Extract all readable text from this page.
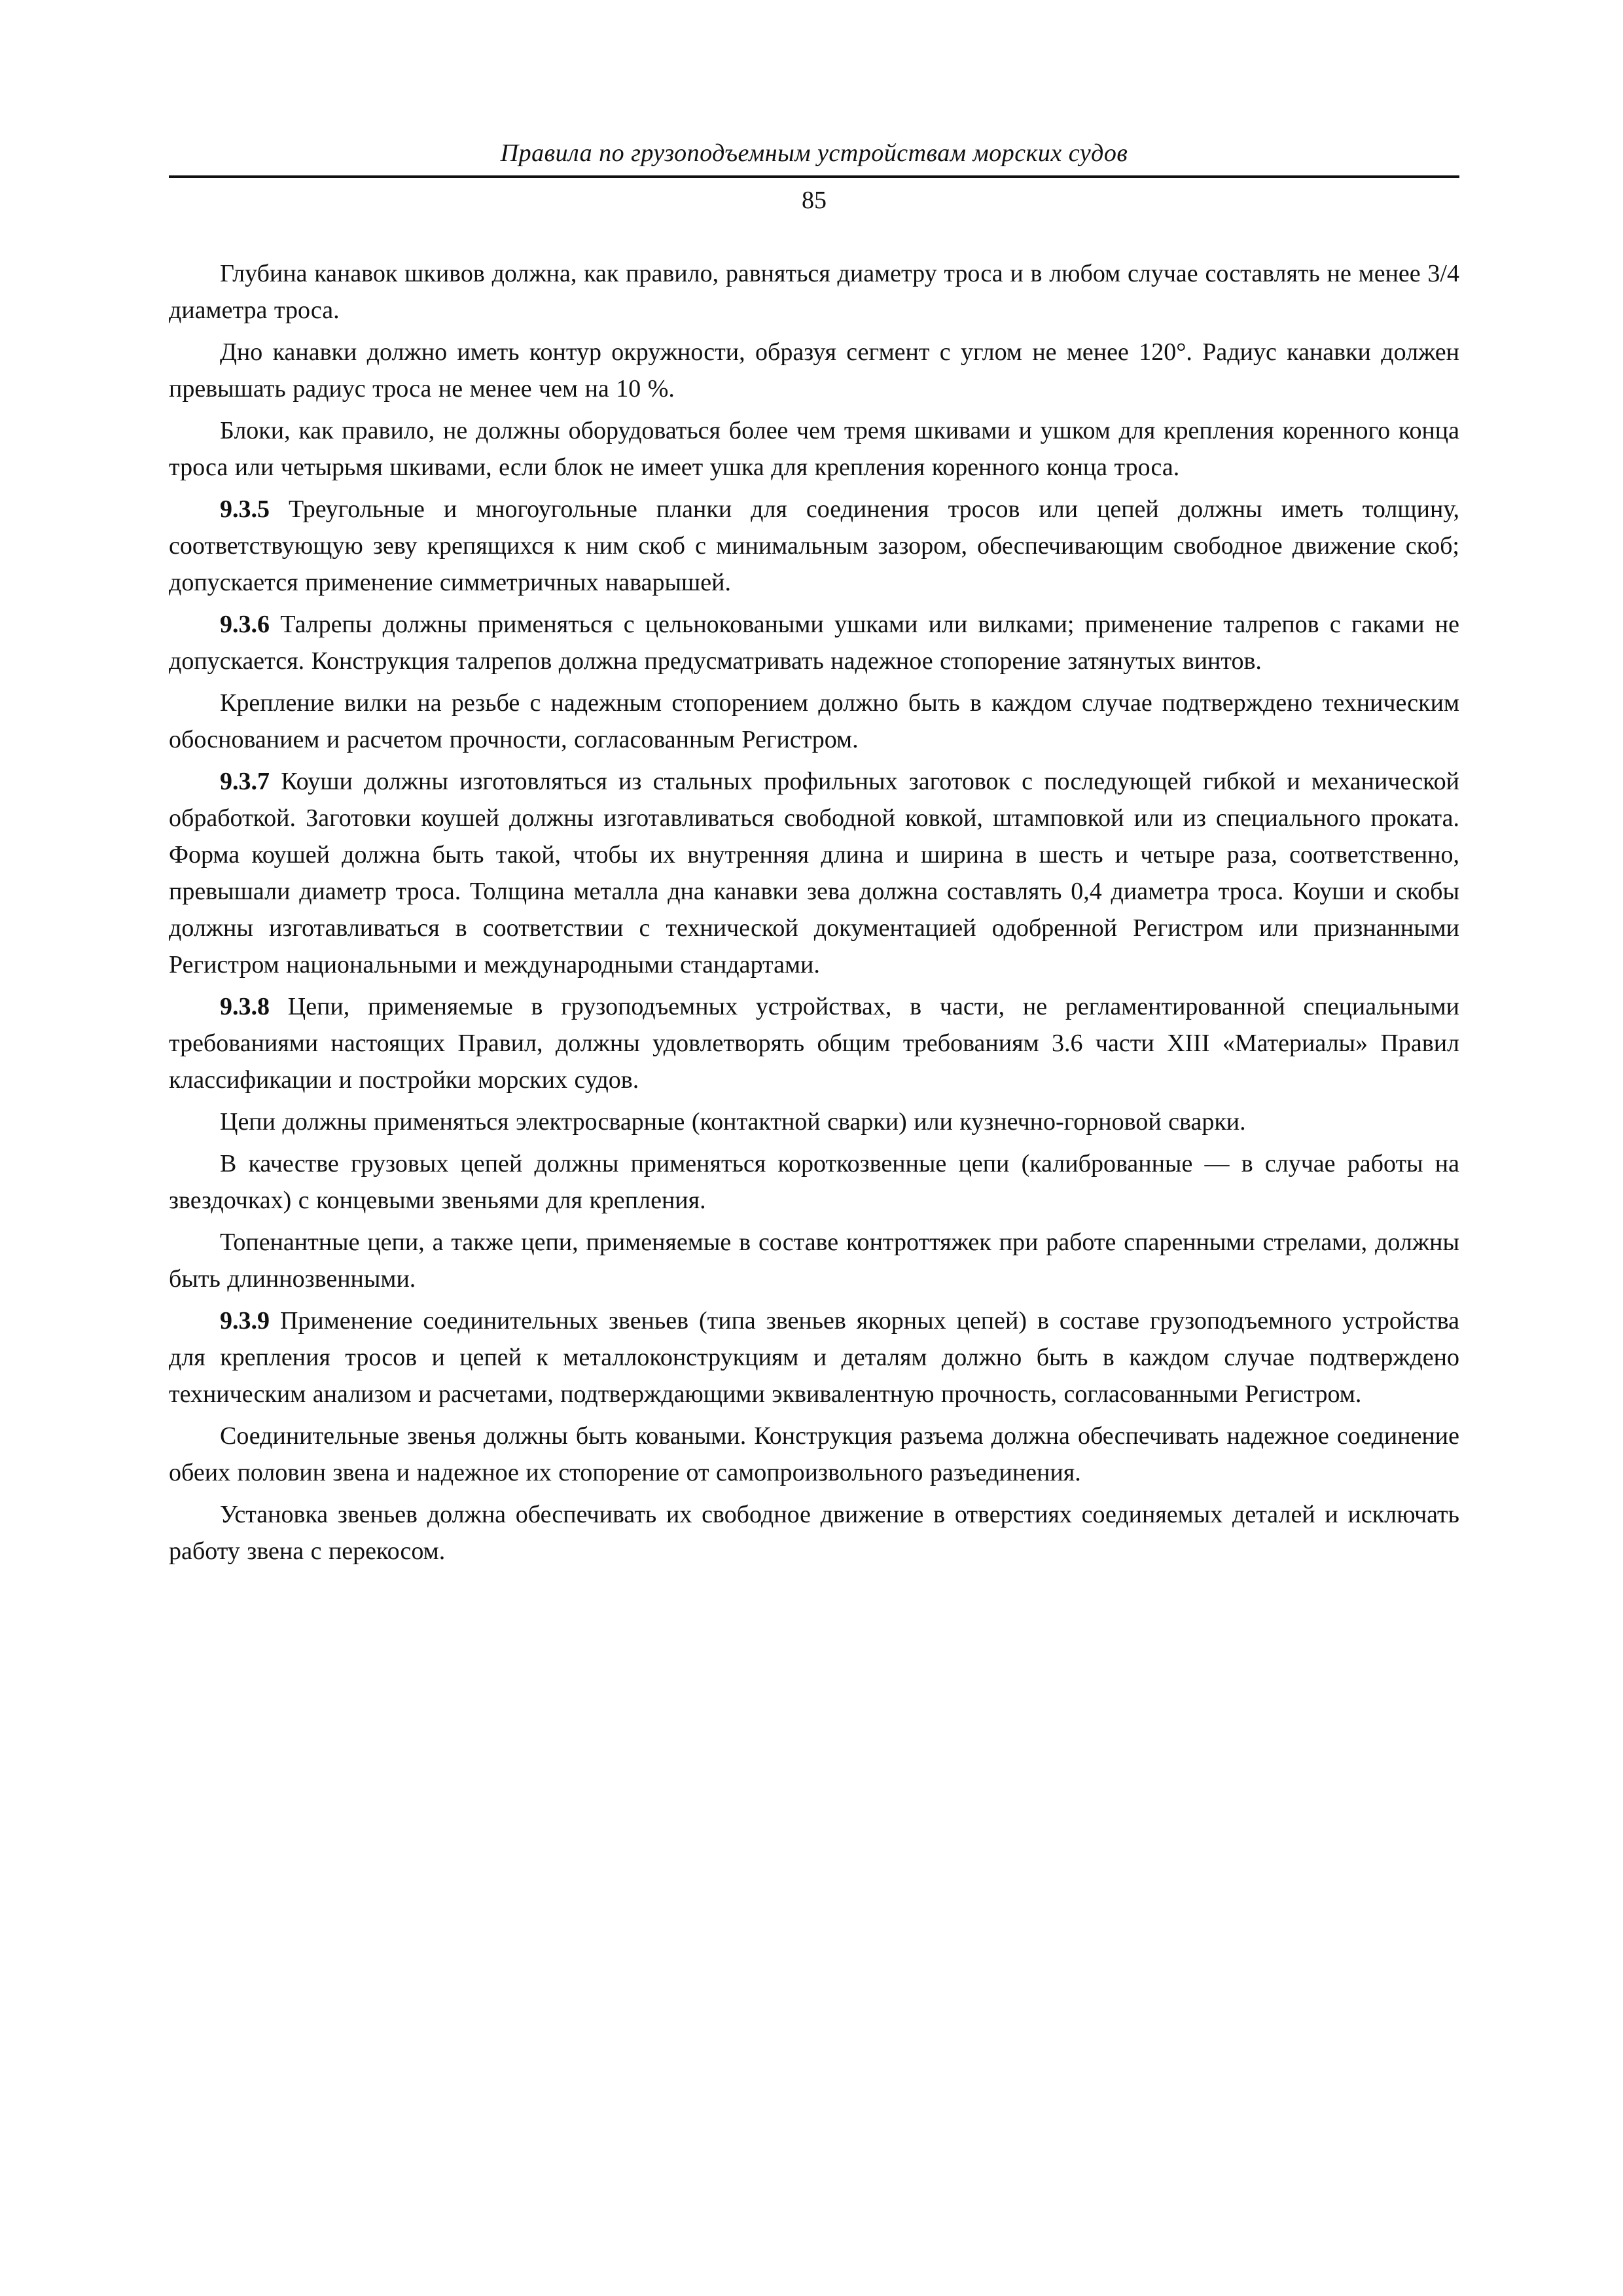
Правила по грузоподъемным устройствам морских судов
85

Глубина канавок шкивов должна, как правило, равняться диаметру троса и в любом случае составлять не менее 3/4 диаметра троса.

Дно канавки должно иметь контур окружности, образуя сегмент с углом не менее 120°. Радиус канавки должен превышать радиус троса не менее чем на 10 %.

Блоки, как правило, не должны оборудоваться более чем тремя шкивами и ушком для крепления коренного конца троса или четырьмя шкивами, если блок не имеет ушка для крепления коренного конца троса.

9.3.5 Треугольные и многоугольные планки для соединения тросов или цепей должны иметь толщину, соответствующую зеву крепящихся к ним скоб с минимальным зазором, обеспечивающим свободное движение скоб; допускается применение симметричных наварышей.

9.3.6 Талрепы должны применяться с цельноковаными ушками или вилками; применение талрепов с гаками не допускается. Конструкция талрепов должна предусматривать надежное стопорение затянутых винтов.

Крепление вилки на резьбе с надежным стопорением должно быть в каждом случае подтверждено техническим обоснованием и расчетом прочности, согласованным Регистром.

9.3.7 Коуши должны изготовляться из стальных профильных заготовок с последующей гибкой и механической обработкой. Заготовки коушей должны изготавливаться свободной ковкой, штамповкой или из специального проката. Форма коушей должна быть такой, чтобы их внутренняя длина и ширина в шесть и четыре раза, соответственно, превышали диаметр троса. Толщина металла дна канавки зева должна составлять 0,4 диаметра троса. Коуши и скобы должны изготавливаться в соответствии с технической документацией одобренной Регистром или признанными Регистром национальными и международными стандартами.

9.3.8 Цепи, применяемые в грузоподъемных устройствах, в части, не регламентированной специальными требованиями настоящих Правил, должны удовлетворять общим требованиям 3.6 части XIII «Материалы» Правил классификации и постройки морских судов.

Цепи должны применяться электросварные (контактной сварки) или кузнечно-горновой сварки.

В качестве грузовых цепей должны применяться короткозвенные цепи (калиброванные — в случае работы на звездочках) с концевыми звеньями для крепления.

Топенантные цепи, а также цепи, применяемые в составе контроттяжек при работе спаренными стрелами, должны быть длиннозвенными.

9.3.9 Применение соединительных звеньев (типа звеньев якорных цепей) в составе грузоподъемного устройства для крепления тросов и цепей к металлоконструкциям и деталям должно быть в каждом случае подтверждено техническим анализом и расчетами, подтверждающими эквивалентную прочность, согласованными Регистром.

Соединительные звенья должны быть коваными. Конструкция разъема должна обеспечивать надежное соединение обеих половин звена и надежное их стопорение от самопроизвольного разъединения.

Установка звеньев должна обеспечивать их свободное движение в отверстиях соединяемых деталей и исключать работу звена с перекосом.
